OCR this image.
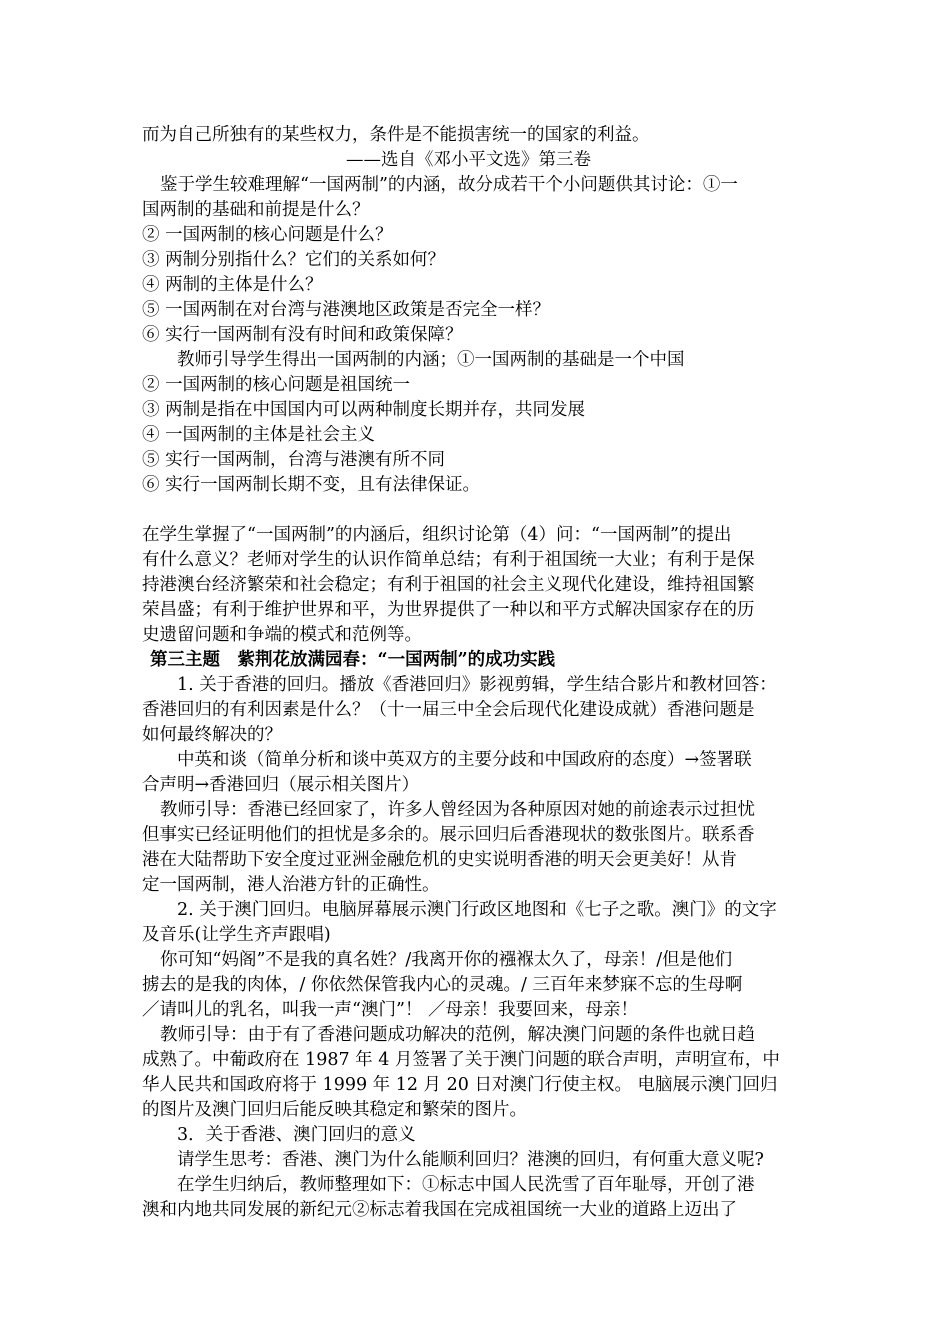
而为自己所独有的某些权力，条件是不能损害统一的国家的利益。
——选自《邓小平文选》第三卷
鉴于学生较难理解“一国两制”的内涵，故分成若干个小问题供其讨论：①一
国两制的基础和前提是什么？
② 一国两制的核心问题是什么？
③ 两制分别指什么？它们的关系如何？
④ 两制的主体是什么？
⑤ 一国两制在对台湾与港澳地区政策是否完全一样？
⑥ 实行一国两制有没有时间和政策保障？
教师引导学生得出一国两制的内涵；①一国两制的基础是一个中国
② 一国两制的核心问题是祖国统一
③ 两制是指在中国国内可以两种制度长期并存，共同发展
④ 一国两制的主体是社会主义
⑤ 实行一国两制，台湾与港澳有所不同
⑥ 实行一国两制长期不变，且有法律保证。
在学生掌握了“一国两制”的内涵后，组织讨论第（4）问：“一国两制”的提出
有什么意义？老师对学生的认识作简单总结；有利于祖国统一大业；有利于是保
持港澳台经济繁荣和社会稳定；有利于祖国的社会主义现代化建设，维持祖国繁
荣昌盛；有利于维护世界和平，为世界提供了一种以和平方式解决国家存在的历
史遗留问题和争端的模式和范例等。
第三主题　紫荆花放满园春：“一国两制”的成功实践
1. 关于香港的回归。播放《香港回归》影视剪辑，学生结合影片和教材回答：
香港回归的有利因素是什么？（十一届三中全会后现代化建设成就）香港问题是
如何最终解决的？
中英和谈（简单分析和谈中英双方的主要分歧和中国政府的态度）→签署联
合声明→香港回归（展示相关图片）
教师引导：香港已经回家了，许多人曾经因为各种原因对她的前途表示过担忧
但事实已经证明他们的担忧是多余的。展示回归后香港现状的数张图片。联系香
港在大陆帮助下安全度过亚洲金融危机的史实说明香港的明天会更美好！从肯
定一国两制，港人治港方针的正确性。
2. 关于澳门回归。电脑屏幕展示澳门行政区地图和《七子之歌。澳门》的文字
及音乐(让学生齐声跟唱)
你可知“妈阁”不是我的真名姓？/我离开你的襁褓太久了，母亲！/但是他们
掳去的是我的肉体，/ 你依然保管我内心的灵魂。/ 三百年来梦寐不忘的生母啊
／请叫儿的乳名，叫我一声“澳门”！ ／母亲！我要回来，母亲！
教师引导：由于有了香港问题成功解决的范例，解决澳门问题的条件也就日趋
成熟了。中葡政府在 1987 年 4 月签署了关于澳门问题的联合声明，声明宣布，中
华人民共和国政府将于 1999 年 12 月 20 日对澳门行使主权。 电脑展示澳门回归
的图片及澳门回归后能反映其稳定和繁荣的图片。
3．关于香港、澳门回归的意义
请学生思考：香港、澳门为什么能顺利回归？港澳的回归，有何重大意义呢?
在学生归纳后，教师整理如下：①标志中国人民洗雪了百年耻辱，开创了港
澳和内地共同发展的新纪元②标志着我国在完成祖国统一大业的道路上迈出了
